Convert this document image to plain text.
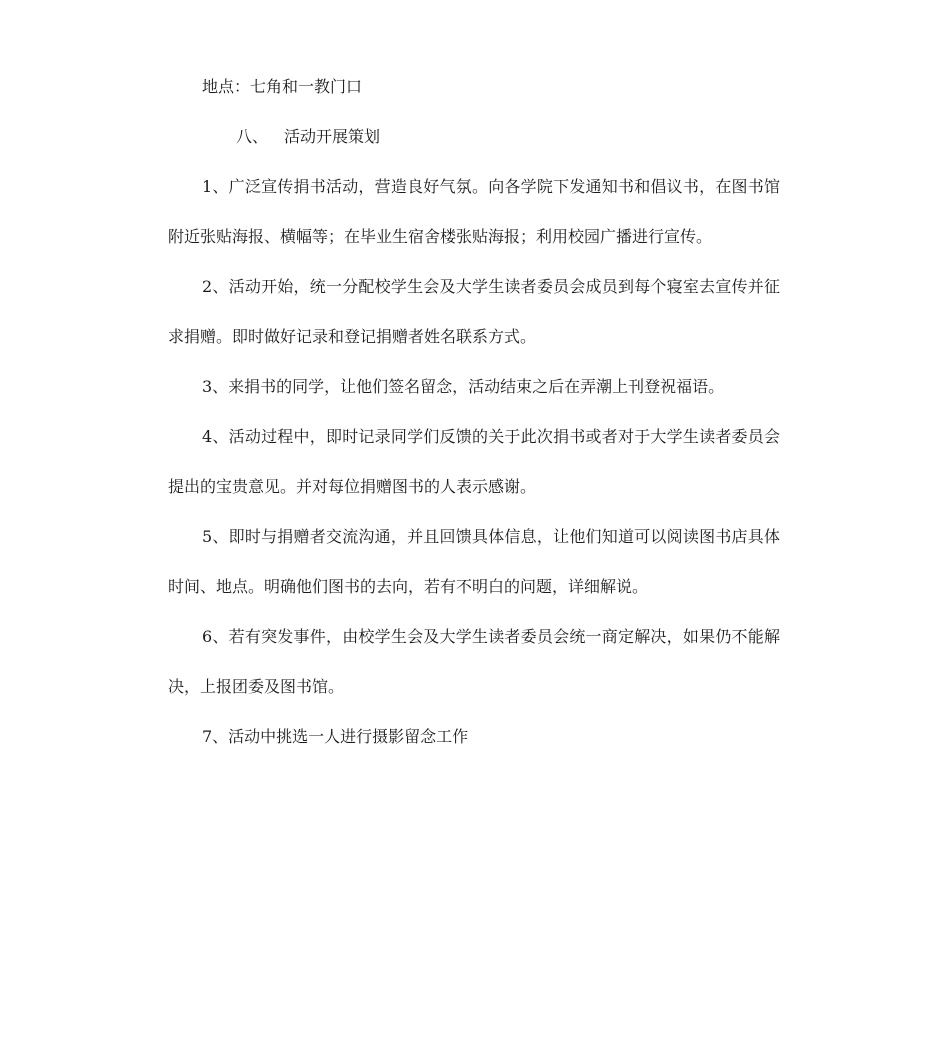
地点：七角和一教门口

八、 活动开展策划

1、广泛宣传捐书活动，营造良好气氛。向各学院下发通知书和倡议书，在图书馆附近张贴海报、横幅等；在毕业生宿舍楼张贴海报；利用校园广播进行宣传。

2、活动开始，统一分配校学生会及大学生读者委员会成员到每个寝室去宣传并征求捐赠。即时做好记录和登记捐赠者姓名联系方式。

3、来捐书的同学，让他们签名留念，活动结束之后在弄潮上刊登祝福语。

4、活动过程中，即时记录同学们反馈的关于此次捐书或者对于大学生读者委员会提出的宝贵意见。并对每位捐赠图书的人表示感谢。

5、即时与捐赠者交流沟通，并且回馈具体信息，让他们知道可以阅读图书店具体时间、地点。明确他们图书的去向，若有不明白的问题，详细解说。

6、若有突发事件，由校学生会及大学生读者委员会统一商定解决，如果仍不能解决，上报团委及图书馆。

7、活动中挑选一人进行摄影留念工作
